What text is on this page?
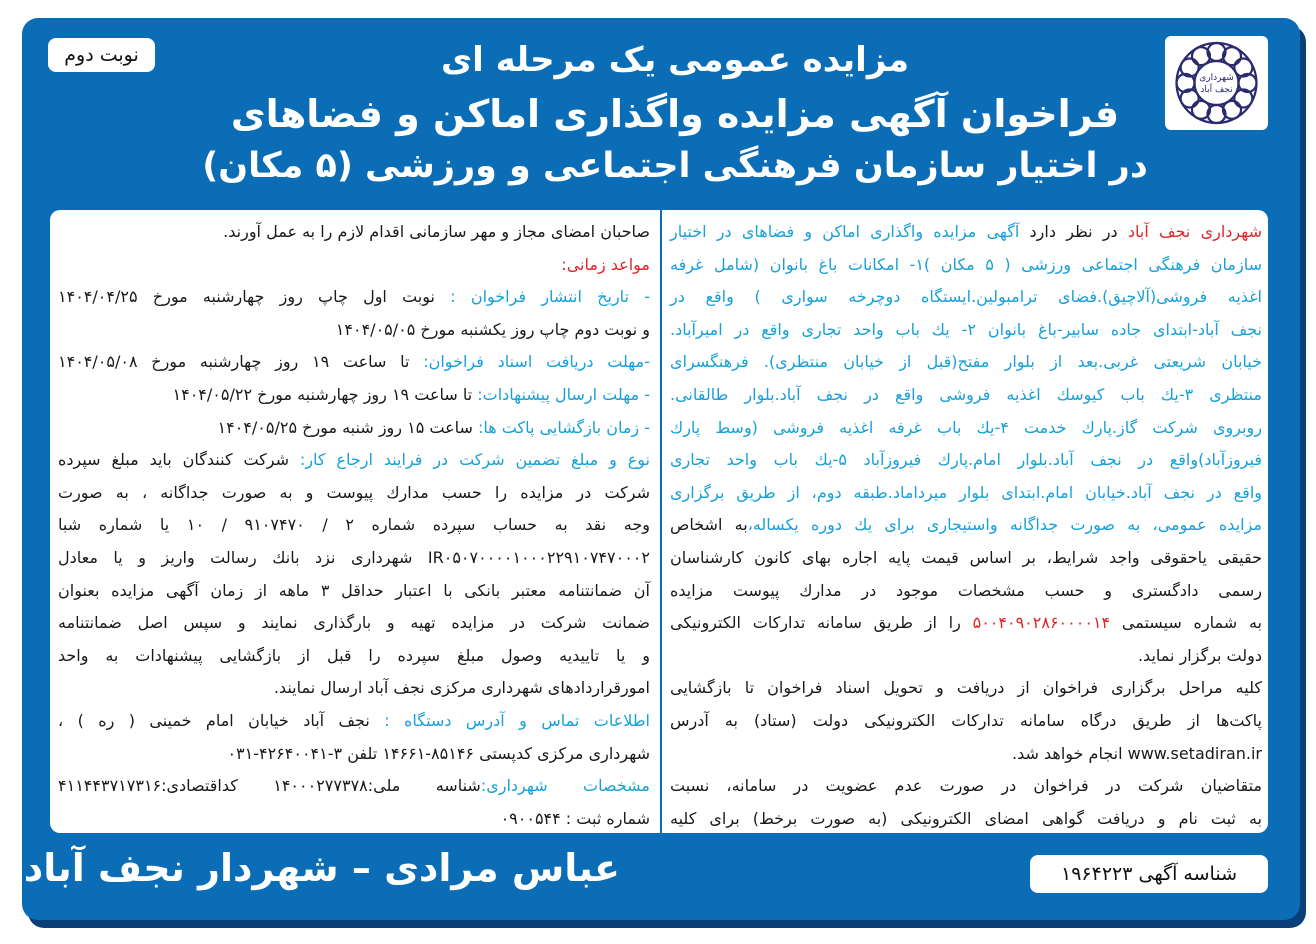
شهرداری
نجف آباد
نوبت دوم	مزایده عمومی یک مرحله ای
فراخوان آگهی مزایده واگذاری اماکن و فضاهای
در اختیار سازمان فرهنگی اجتماعی و ورزشی (۵ مکان)
شهرداری نجف آباد در نظر دارد آگهی مزایده واگذاری اماکن و فضاهای در اختیار
سازمان فرهنگی اجتماعی ورزشی ( ۵ مکان )۱- امکانات باغ بانوان (شامل غرفه
اغذیه فروشی(آلاچیق).فضای ترامبولین.ایستگاه دوچرخه سواری ) واقع در
نجف آباد-ابتدای جاده سابیر-باغ بانوان ۲- یك باب واحد تجاری واقع در امیرآباد.
خیابان شریعتی غربی.بعد از بلوار مفتح(قبل از خیابان منتظری). فرهنگسرای
منتظری ۳-یك باب کیوسك اغذیه فروشی واقع در نجف آباد.بلوار طالقانی.
روبروی شرکت گاز.پارك خدمت ۴-یك باب غرفه اغذیه فروشی (وسط پارك
فیروزآباد)واقع در نجف آباد.بلوار امام.پارك فیروزآباد ۵-یك باب واحد تجاری
واقع در نجف آباد.خیابان امام.ابتدای بلوار میرداماد.طبقه دوم، از طریق برگزاری
مزایده عمومی، به صورت جداگانه واستیجاری برای یك دوره یکساله،به اشخاص
حقیقی یاحقوقی واجد شرایط، بر اساس قیمت پایه اجاره بهای کانون کارشناسان
رسمی دادگستری و حسب مشخصات موجود در مدارك پیوست مزایده
به شماره سیستمی ۵۰۰۴۰۹۰۲۸۶۰۰۰۰۱۴ را از طریق سامانه تدارکات الکترونیکی
دولت برگزار نماید.
کلیه مراحل برگزاری فراخوان از دریافت و تحویل اسناد فراخوان تا بازگشایی
پاکت‌ها از طریق درگاه سامانه تدارکات الکترونیکی دولت (ستاد) به آدرس
www.setadiran.ir انجام خواهد شد.
متقاضیان شرکت در فراخوان در صورت عدم عضویت در سامانه، نسبت
به ثبت نام و دریافت گواهی امضای الکترونیکی (به صورت برخط) برای کلیه
صاحبان امضای مجاز و مهر سازمانی اقدام لازم را به عمل آورند.
مواعد زمانی:
- تاریخ انتشار فراخوان : نوبت اول چاپ روز چهارشنبه مورخ ۱۴۰۴/۰۴/۲۵
و نوبت دوم چاپ روز یکشنبه مورخ ۱۴۰۴/۰۵/۰۵
-مهلت دریافت اسناد فراخوان: تا ساعت ۱۹ روز چهارشنبه مورخ ۱۴۰۴/۰۵/۰۸
- مهلت ارسال پیشنهادات: تا ساعت ۱۹ روز چهارشنبه مورخ ۱۴۰۴/۰۵/۲۲
- زمان بازگشایی پاکت ها: ساعت ۱۵ روز شنبه مورخ ۱۴۰۴/۰۵/۲۵
نوع و مبلغ تضمین شرکت در فرایند ارجاع کار: شرکت کنندگان باید مبلغ سپرده
شرکت در مزایده را حسب مدارك پیوست و به صورت جداگانه ، به صورت
وجه نقد به حساب سپرده شماره ۱۰ / ۹۱۰۷۴۷۰ / ۲ یا شماره شبا
IR۰۵۰۷۰۰۰۰۱۰۰۰۲۲۹۱۰۷۴۷۰۰۰۲ شهرداری نزد بانك رسالت واریز و یا معادل
آن ضمانتنامه معتبر بانکی با اعتبار حداقل ۳ ماهه از زمان آگهی مزایده بعنوان
ضمانت شرکت در مزایده تهیه و بارگذاری نمایند و سپس اصل ضمانتنامه
و یا تاییدیه وصول مبلغ سپرده را قبل از بازگشایی پیشنهادات به واحد
امورقراردادهای شهرداری مرکزی نجف آباد ارسال نمایند.
اطلاعات تماس و آدرس دستگاه : نجف آباد خیابان امام خمینی ( ره ) ،
شهرداری مرکزی کدپستی ۱۴۶۶۱-۸۵۱۴۶ تلفن ۰۳۱-۴۲۶۴۰۰۴۱-۳
مشخصات شهرداری:شناسه ملی:۱۴۰۰۰۲۷۷۳۷۸ کداقتصادی:۴۱۱۴۴۳۷۱۷۳۱۶
شماره ثبت : ۰۹۰۰۵۴۴
عباس مرادی – شهردار نجف آباد	شناسه آگهی ۱۹۶۴۲۲۳
